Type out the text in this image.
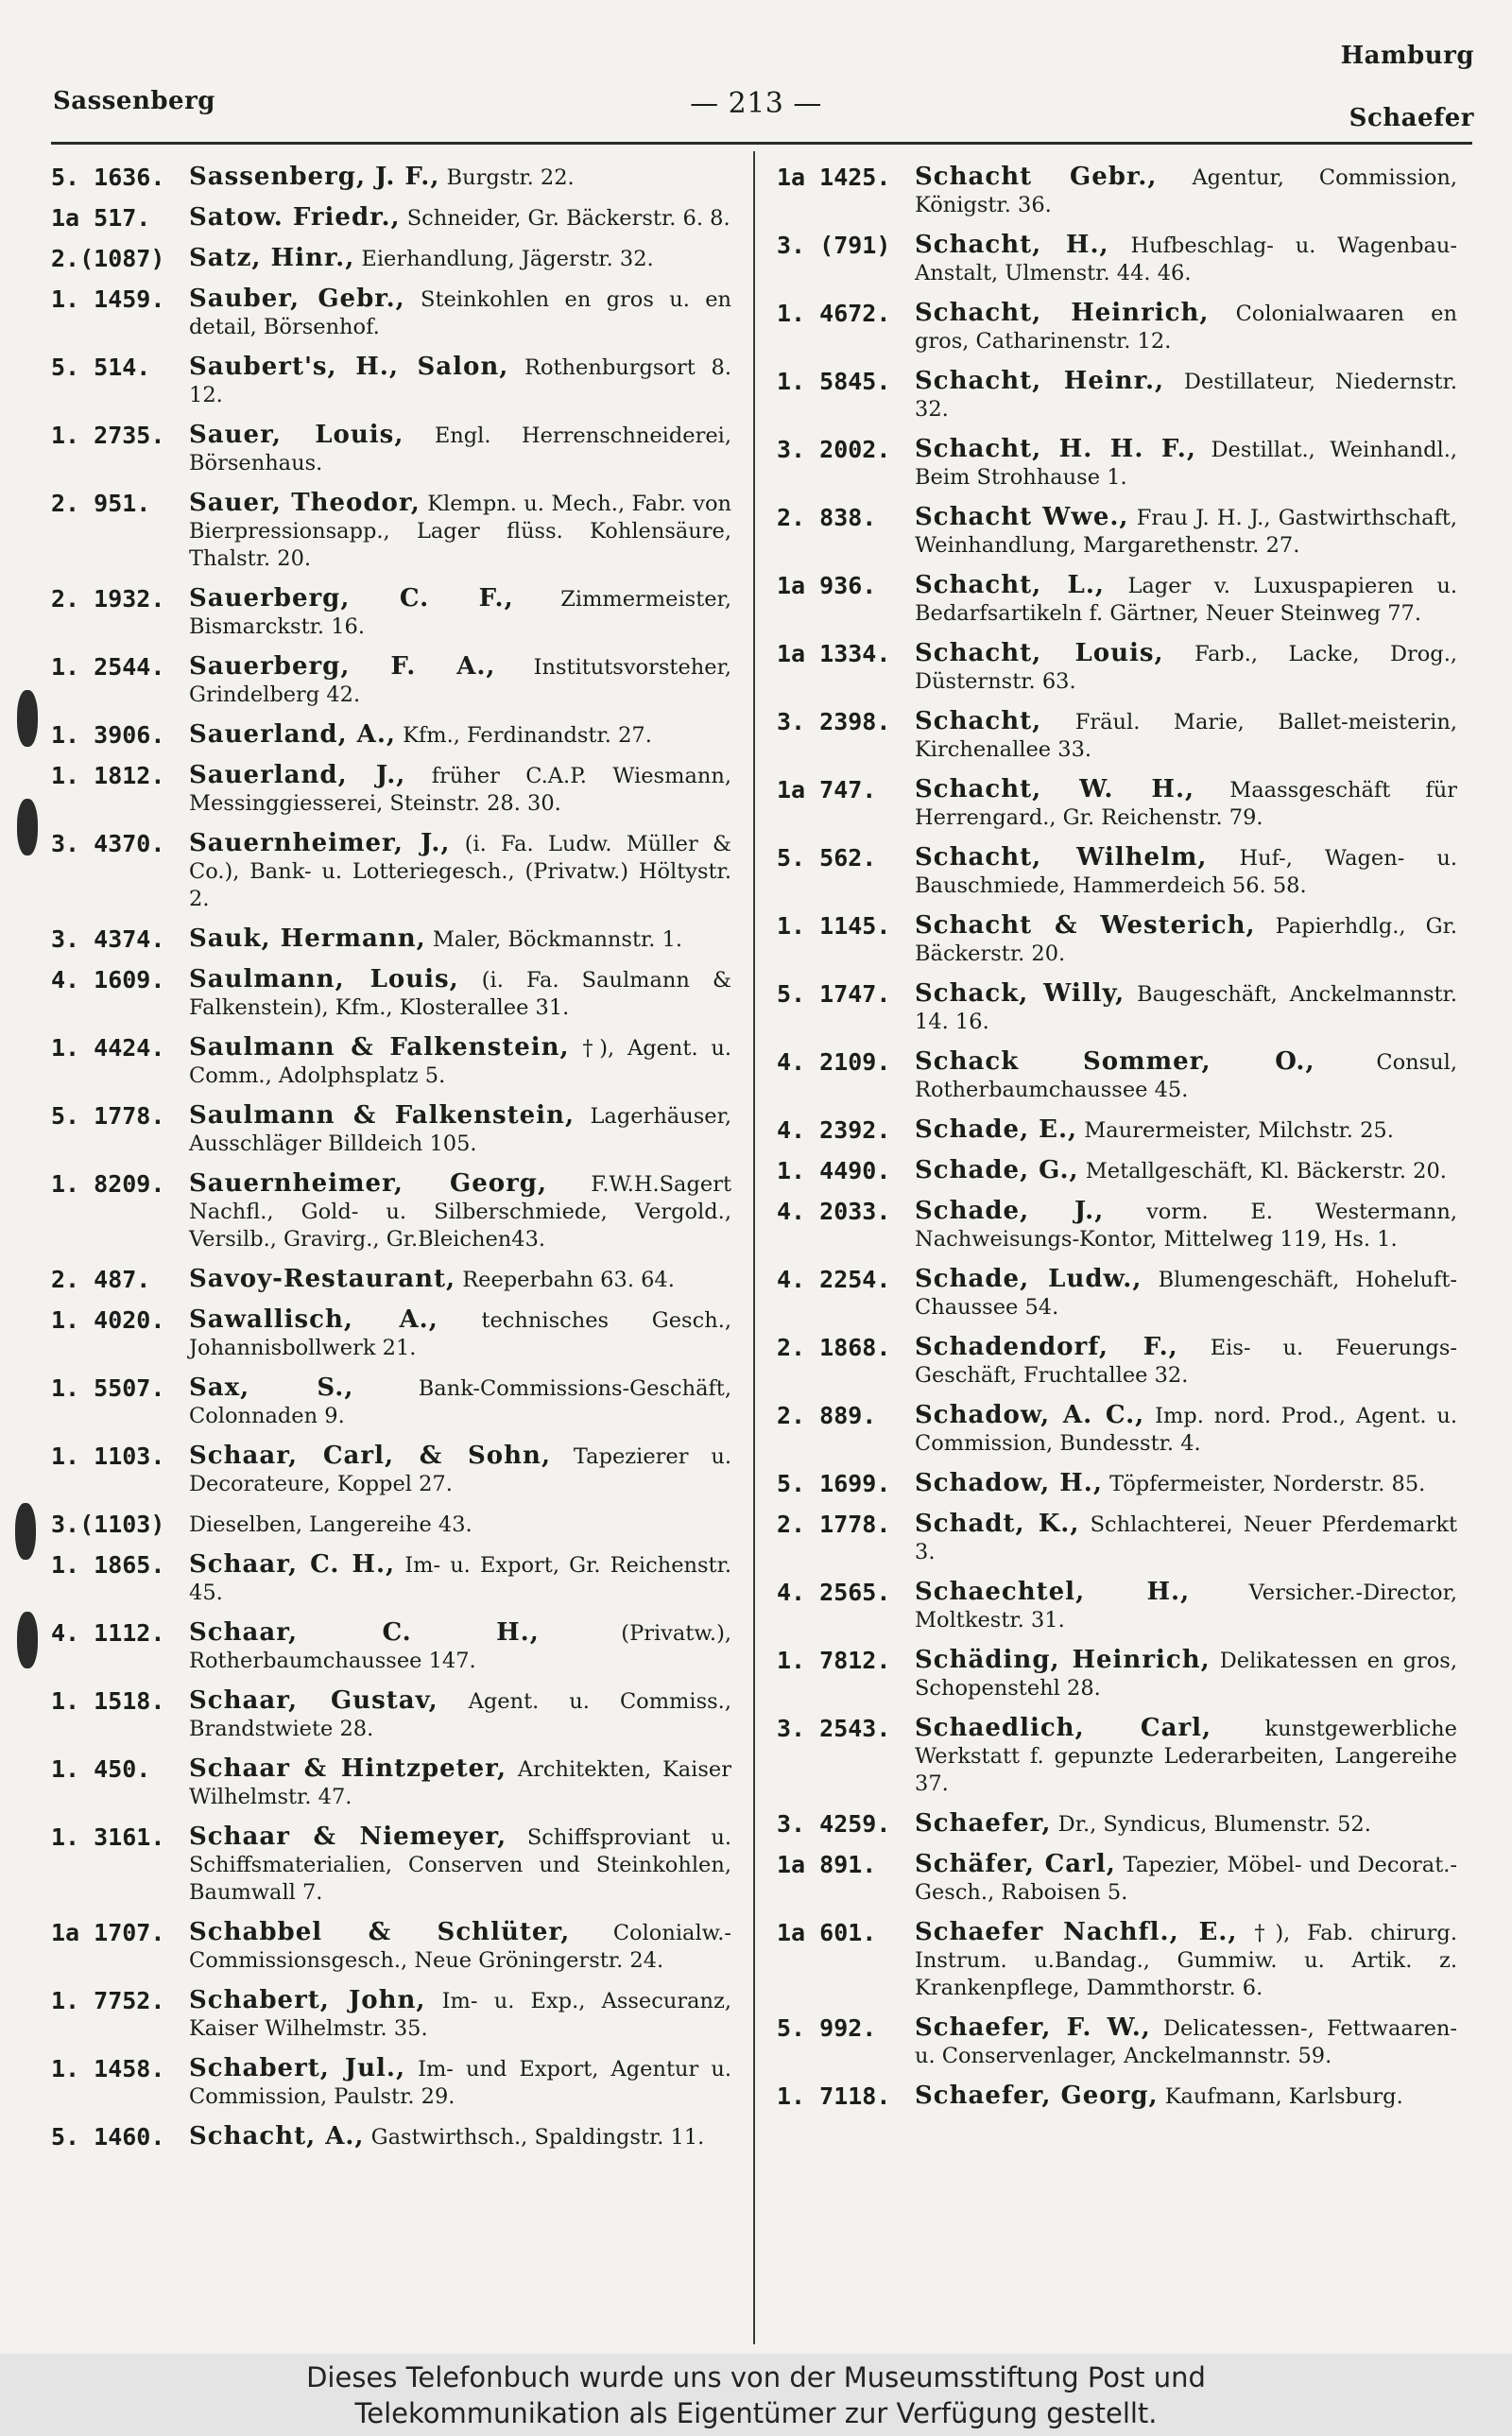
Sassenberg	— 213 —
Hamburg
Schaefer
5. 1636. Sassenberg, J. F., Burgstr. 22.
1a 517.	Satow. Friedr., Schneider, Gr. Bäckerstr. 6. 8.
2.(1087) Satz, Hinr., Eierhandlung, Jägerstr. 32.
1. 1459. Sauber, Gebr., Steinkohlen en gros u. en detail, Börsenhof.
5. 514.	Saubert's, H., Salon, Rothenburgsort 8. 12.
1. 2735. Sauer, Louis, Engl. Herrenschneiderei, Börsenhaus.
2. 951.	Sauer, Theodor, Klempn. u. Mech., Fabr. von Bierpressionsapp., Lager flüss. Kohlensäure, Thalstr. 20.
2. 1932. Sauerberg, C. F., Zimmermeister, Bismarckstr. 16.
1. 2544. Sauerberg, F. A., Institutsvorsteher, Grindelberg 42.
1. 3906. Sauerland, A., Kfm., Ferdinandstr. 27.
1. 1812. Sauerland, J., früher C.A.P. Wiesmann, Messinggiesserei, Steinstr. 28. 30.
3. 4370. Sauernheimer, J., (i. Fa. Ludw. Müller & Co.), Bank- u. Lotteriegesch., (Privatw.) Höltystr. 2.
3. 4374. Sauk, Hermann, Maler, Böckmannstr. 1.
4. 1609. Saulmann, Louis, (i. Fa. Saulmann & Falkenstein), Kfm., Klosterallee 31.
1. 4424. Saulmann & Falkenstein, †), Agent. u. Comm., Adolphsplatz 5.
5. 1778. Saulmann & Falkenstein, Lagerhäuser, Ausschläger Billdeich 105.
1. 8209. Sauernheimer, Georg, F.W.H.Sagert Nachfl., Gold- u. Silberschmiede, Vergold., Versilb., Gravirg., Gr.Bleichen43.
2. 487.	Savoy-Restaurant, Reeperbahn 63. 64.
1. 4020. Sawallisch, A., technisches Gesch., Johannisbollwerk 21.
1. 5507. Sax, S.,	Bank-Commissions-Geschäft, Colonnaden 9.
1. 1103. Schaar, Carl, & Sohn, Tapezierer u. Decorateure, Koppel 27.
3.(1103)	Dieselben, Langereihe 43.
1. 1865. Schaar, C. H., Im- u. Export, Gr. Reichenstr. 45.
4. 1112. Schaar, C. H.,	(Privatw.), Rotherbaumchaussee 147.
1. 1518. Schaar, Gustav, Agent. u. Commiss., Brandstwiete 28.
1. 450.	Schaar & Hintzpeter, Architekten, Kaiser Wilhelmstr. 47.
1. 3161. Schaar & Niemeyer, Schiffsproviant u. Schiffsmaterialien, Conserven und Steinkohlen, Baumwall 7.
1a 1707. Schabbel & Schlüter, Colonialw.-Commissionsgesch., Neue Gröningerstr. 24.
1. 7752. Schabert, John, Im- u. Exp., Assecuranz, Kaiser Wilhelmstr. 35.
1. 1458. Schabert, Jul., Im- und Export, Agentur u. Commission, Paulstr. 29.
5. 1460. Schacht, A., Gastwirthsch., Spaldingstr. 11.
1a 1425. Schacht Gebr., Agentur, Commission, Königstr. 36.
3. (791) Schacht, H., Hufbeschlag- u. Wagenbau-Anstalt, Ulmenstr. 44. 46.
1. 4672. Schacht, Heinrich, Colonialwaaren en gros, Catharinenstr. 12.
1. 5845. Schacht, Heinr., Destillateur, Niedernstr. 32.
3. 2002. Schacht, H. H. F., Destillat., Weinhandl., Beim Strohhause 1.
2. 838.	Schacht Wwe., Frau J. H. J., Gastwirthschaft, Weinhandlung, Margarethenstr. 27.
1a 936.	Schacht, L., Lager v. Luxuspapieren u. Bedarfsartikeln f. Gärtner, Neuer Steinweg 77.
1a 1334. Schacht, Louis, Farb., Lacke, Drog., Düsternstr. 63.
3. 2398. Schacht, Fräul. Marie, Ballet-meisterin, Kirchenallee 33.
1a 747.	Schacht, W. H., Maassgeschäft für Herrengard., Gr. Reichenstr. 79.
5. 562.	Schacht, Wilhelm, Huf-, Wagen- u. Bauschmiede, Hammerdeich 56. 58.
1. 1145. Schacht & Westerich, Papierhdlg., Gr. Bäckerstr. 20.
5. 1747. Schack, Willy, Baugeschäft, Anckelmannstr. 14. 16.
4. 2109. Schack Sommer, O.,	Consul, Rotherbaumchaussee 45.
4. 2392. Schade, E., Maurermeister, Milchstr. 25.
1. 4490. Schade, G., Metallgeschäft, Kl. Bäckerstr. 20.
4. 2033. Schade, J., vorm. E. Westermann, Nachweisungs-Kontor, Mittelweg 119, Hs. 1.
4. 2254. Schade, Ludw., Blumengeschäft, Hoheluft-Chaussee 54.
2. 1868. Schadendorf, F., Eis- u. Feuerungs-Geschäft, Fruchtallee 32.
2. 889.	Schadow, A. C., Imp. nord. Prod., Agent. u. Commission, Bundesstr. 4.
5. 1699. Schadow, H., Töpfermeister, Norderstr. 85.
2. 1778. Schadt, K., Schlachterei, Neuer Pferdemarkt 3.
4. 2565. Schaechtel, H.,	Versicher.-Director, Moltkestr. 31.
1. 7812. Schäding, Heinrich, Delikatessen en gros, Schopenstehl 28.
3. 2543. Schaedlich, Carl,	kunstgewerbliche Werkstatt f. gepunzte Lederarbeiten, Langereihe 37.
3. 4259. Schaefer, Dr., Syndicus, Blumenstr. 52.
1a 891.	Schäfer, Carl, Tapezier, Möbel- und Decorat.-Gesch., Raboisen 5.
1a 601.	Schaefer Nachfl., E., †), Fab. chirurg. Instrum. u.Bandag., Gummiw. u. Artik. z. Krankenpflege, Dammthorstr. 6.
5. 992.	Schaefer, F. W., Delicatessen-, Fettwaaren- u. Conservenlager, Anckelmannstr. 59.
1. 7118. Schaefer, Georg, Kaufmann, Karlsburg.
Dieses Telefonbuch wurde uns von der Museumsstiftung Post und
Telekommunikation als Eigentümer zur Verfügung gestellt.
